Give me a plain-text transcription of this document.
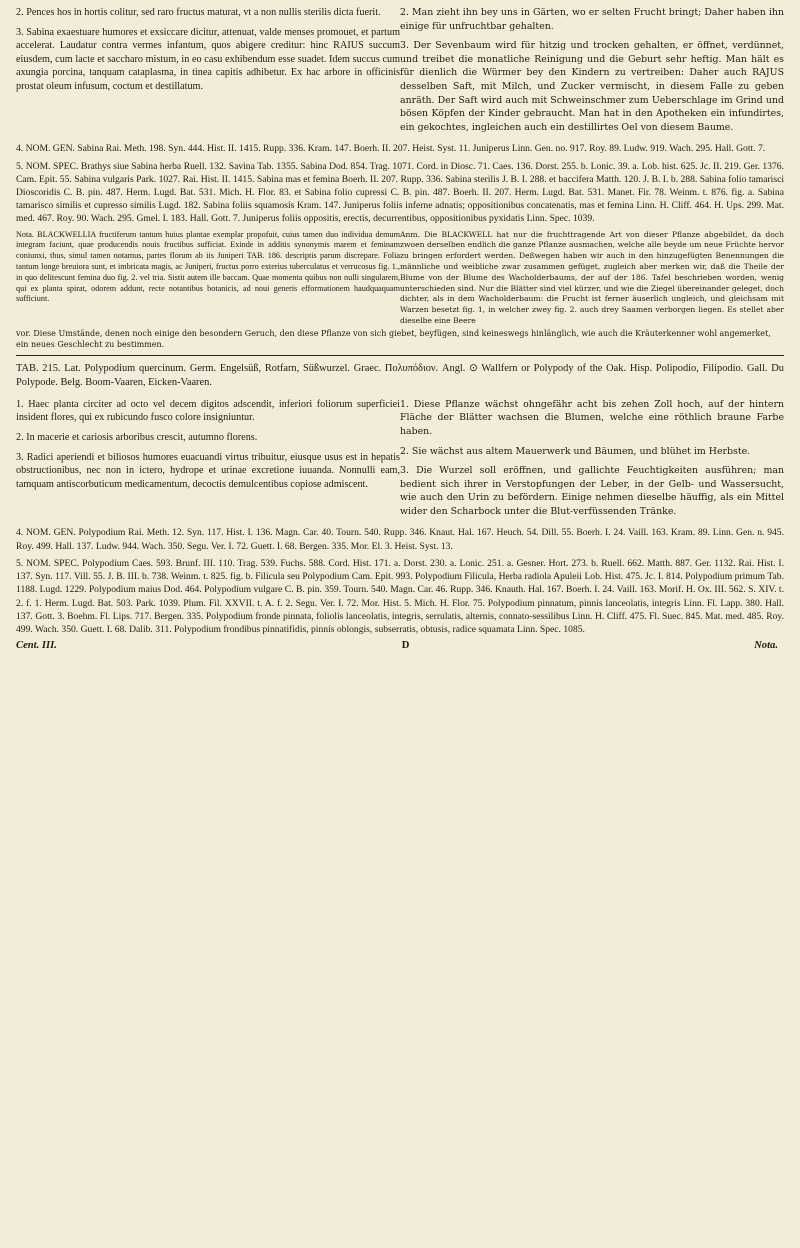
2. Pences hos in hortis colitur, sed raro fructus maturat, vt a non nullis sterilis dicta fuerit.

3. Sabina exaestuare humores et exsiccare dicitur, attenuat, valde menses promouet, et partum accelerat. Laudatur contra vermes infantum, quos abigere creditur: hinc RAIUS succum eiusdem, cum lacte et saccharo mistum, in eo casu exhibendum esse suadet. Idem succus cum axungia porcina, tanquam cataplasma, in tinea capitis adhibetur. Ex hac arbore in officinis prostat oleum infusum, coctum et destillatum.

2. Man zieht ihn bey uns in Gärten, wo er selten Frucht bringt; Daher haben ihn einige für unfruchtbar gehalten.

3. Der Sevenbaum wird für hitzig und trocken gehalten, er öffnet, verdünnet, und treibet die monatliche Reinigung und die Geburt sehr heftig. Man hält es für dienlich die Würmer bey den Kindern zu vertreiben: Daher auch RAJUS desselben Saft, mit Milch, und Zucker vermischt, in diesem Falle zu geben anräth. Der Saft wird auch mit Schweinschmer zum Ueberschlage im Grind und bösen Köpfen der Kinder gebraucht. Man hat in den Apotheken ein infundirtes, ein gekochtes, ingleichen auch ein destillirtes Oel von diesem Baume.

4. NOM. GEN. Sabina Rai. Meth. 198. Syn. 444. Hist. II. 1415. Rupp. 336. Kram. 147. Boerh. II. 207. Heist. Syst. 11. Juniperus Linn. Gen. no. 917. Roy. 89. Ludw. 919. Wach. 295. Hall. Gott. 7.

5. NOM. SPEC. Brathys siue Sabina herba Ruell. 132. Savina Tab. 1355. Sabina Dod. 854. Trag. 1071. Cord. in Diosc. 71. Caes. 136. Dorst. 255. b. Lonic. 39. a. Lob. hist. 625. Jc. II. 219. Ger. 1376. Cam. Epit. 55. Sabina vulgaris Park. 1027. Rai. Hist. II. 1415. Sabina mas et femina Boerh. II. 207. Rupp. 336. Sabina sterilis J. B. I. 288. et baccifera Matth. 120. J. B. I. b. 288. Sabina folio tamarisci Dioscoridis C. B. pin. 487. Herm. Lugd. Bat. 531. Mich. H. Flor. 83. et Sabina folio cupressi C. B. pin. 487. Boerh. II. 207. Herm. Lugd. Bat. 531. Manet. Fir. 78. Weinm. t. 876. fig. a. Sabina tamarisco similis et cupresso similis Lugd. 182. Sabina foliis squamosis Kram. 147. Juniperus foliis inferne adnatis; oppositionibus concatenatis, mas et femina Linn. H. Cliff. 464. H. Ups. 299. Mat. med. 467. Roy. 90. Wach. 295. Gmel. I. 183. Hall. Gott. 7. Juniperus foliis oppositis, erectis, decurrentibus, oppositionibus pyxidatis Linn. Spec. 1039.

Nota. BLACKWELLIA fructiferum tantum huius plantae exemplar propofuit, cuius tamen duo individua demum integram faciunt, quae producendis nouis fructibus sufficiat. Exinde in additis synonymis marem et feminam coniunxi, thus, simul tamen notamus, partes florum ab iis Juniperi TAB. 186. descriptis parum discrepare. Folia tantum longe breuiora sunt, et imbricata magis, ac Juniperi, fructus porro exterius tuberculatus et verrucosus fig. 1., in quo delitescunt femina duo fig. 2. vel tria. Sistit autem ille baccam. Quae momenta quibus non nulli singularem, qui ex planta spirat, odorem addunt, recte notantibus botanicis, ad noui generis efformationem haudquaquam sufficiunt.

Anm. Die BLACKWELL hat nur die fruchttragende Art von dieser Pflanze abgebildet, da doch zwoen derselben endlich die ganze Pflanze ausmachen, welche alle beyde um neue Früchte hervor zu bringen erfordert werden. Deßwegen haben wir auch in den hinzugefügten Benennungen die männliche und weibliche zwar zusammen gefüget, zugleich aber merken wir, daß die Theile der Blume von der Blume des Wacholderbaums, der auf der 186. Tafel beschrieben worden, wenig unterschieden sind. Nur die Blätter sind viel kürzer, und wie die Ziegel übereinander geleget, doch dichter, als in dem Wacholderbaum: die Frucht ist ferner äuserlich ungleich, und gleichsam mit Warzen besetzt fig. 1, in welcher zwey fig. 2. auch drey Saamen verborgen liegen. Es stellet aber dieselbe eine Beere

vor. Diese Umstände, denen noch einige den besondern Geruch, den diese Pflanze von sich giebet, beyfügen, sind keineswegs hinlänglich, wie auch die Kräuterkenner wohl angemerket, ein neues Geschlecht zu bestimmen.

TAB. 215. Lat. Polypodium quercinum. Germ. Engelsüß, Rotfarn, Süßwurzel. Graec. Πολυπόδιον. Angl. ⊙ Wallfern or Polypody of the Oak. Hisp. Polipodio, Filipodio. Gall. Du Polypode. Belg. Boom-Vaaren, Eicken-Vaaren.

1. Haec planta circiter ad octo vel decem digitos adscendit, inferiori foliorum superficiei insident flores, qui ex rubicundo fusco colore insigniuntur.

2. In macerie et cariosis arboribus crescit, autumno florens.

3. Radici aperiendi et biliosos humores euacuandi virtus tribuitur, eiusque usus est in hepatis obstructionibus, nec non in ictero, hydrope et urinae excretione iuuanda. Nonnulli eam, tamquam antiscorbuticum medicamentum, decoctis demulcentibus copiose admiscent.

1. Diese Pflanze wächst ohngefähr acht bis zehen Zoll hoch, auf der hintern Fläche der Blätter wachsen die Blumen, welche eine röthlich braune Farbe haben.

2. Sie wächst aus altem Mauerwerk und Bäumen, und blühet im Herbste.

3. Die Wurzel soll eröffnen, und gallichte Feuchtigkeiten ausführen; man bedient sich ihrer in Verstopfungen der Leber, in der Gelb- und Wassersucht, wie auch den Urin zu befördern. Einige nehmen dieselbe häuffig, als ein Mittel wider den Scharbock unter die Blut-verfüssenden Tränke.

4. NOM. GEN. Polypodium Rai. Meth. 12. Syn. 117. Hist. I. 136. Magn. Car. 40. Tourn. 540. Rupp. 346. Knaut. Hal. 167. Heuch. 54. Dill. 55. Boerh. I. 24. Vaill. 163. Kram. 89. Linn. Gen. n. 945. Roy. 499. Hall. 137. Ludw. 944. Wach. 350. Segu. Ver. I. 72. Guett. I. 68. Bergen. 335. Mor. El. 3. Heist. Syst. 13.

5. NOM. SPEC. Polypodium Caes. 593. Brunf. III. 110. Trag. 539. Fuchs. 588. Cord. Hist. 171. a. Dorst. 230. a. Lonic. 251. a. Gesner. Hort. 273. b. Ruell. 662. Matth. 887. Ger. 1132. Rai. Hist. I. 137. Syn. 117. Vill. 55. J. B. III. b. 738. Weinm. t. 825. fig. b. Filicula seu Polypodium Cam. Epit. 993. Polypodium Filicula, Herba radiola Apuleii Lob. Hist. 475. Jc. I. 814. Polypodium primum Tab. 1188. Lugd. 1229. Polypodium maius Dod. 464. Polypodium vulgare C. B. pin. 359. Tourn. 540. Magn. Car. 46. Rupp. 346. Knauth. Hal. 167. Boerh. I. 24. Vaill. 163. Morif. H. Ox. III. 562. S. XIV. t. 2. f. 1. Herm. Lugd. Bat. 503. Park. 1039. Plum. Fil. XXVII. t. A. f. 2. Segu. Ver. I. 72. Mor. Hist. 5. Mich. H. Flor. 75. Polypodium pinnatum, pinnis lanceolatis, integris Linn. Fl. Lapp. 380. Hall. 137. Gott. 3. Boehm. Fl. Lips. 717. Bergen. 335. Polypodium fronde pinnata, foliolis lanceolatis, integris, serrulatis, alternis, connato-sessilibus Linn. H. Cliff. 475. Fl. Suec. 845. Mat. med. 485. Roy. 499. Wach. 350. Guett. I. 68. Dalib. 311. Polypodium frondibus pinnatifidis, pinnis oblongis, subserratis, obtusis, radice squamata Linn. Spec. 1085.

Cent. III.	D	Nota.
